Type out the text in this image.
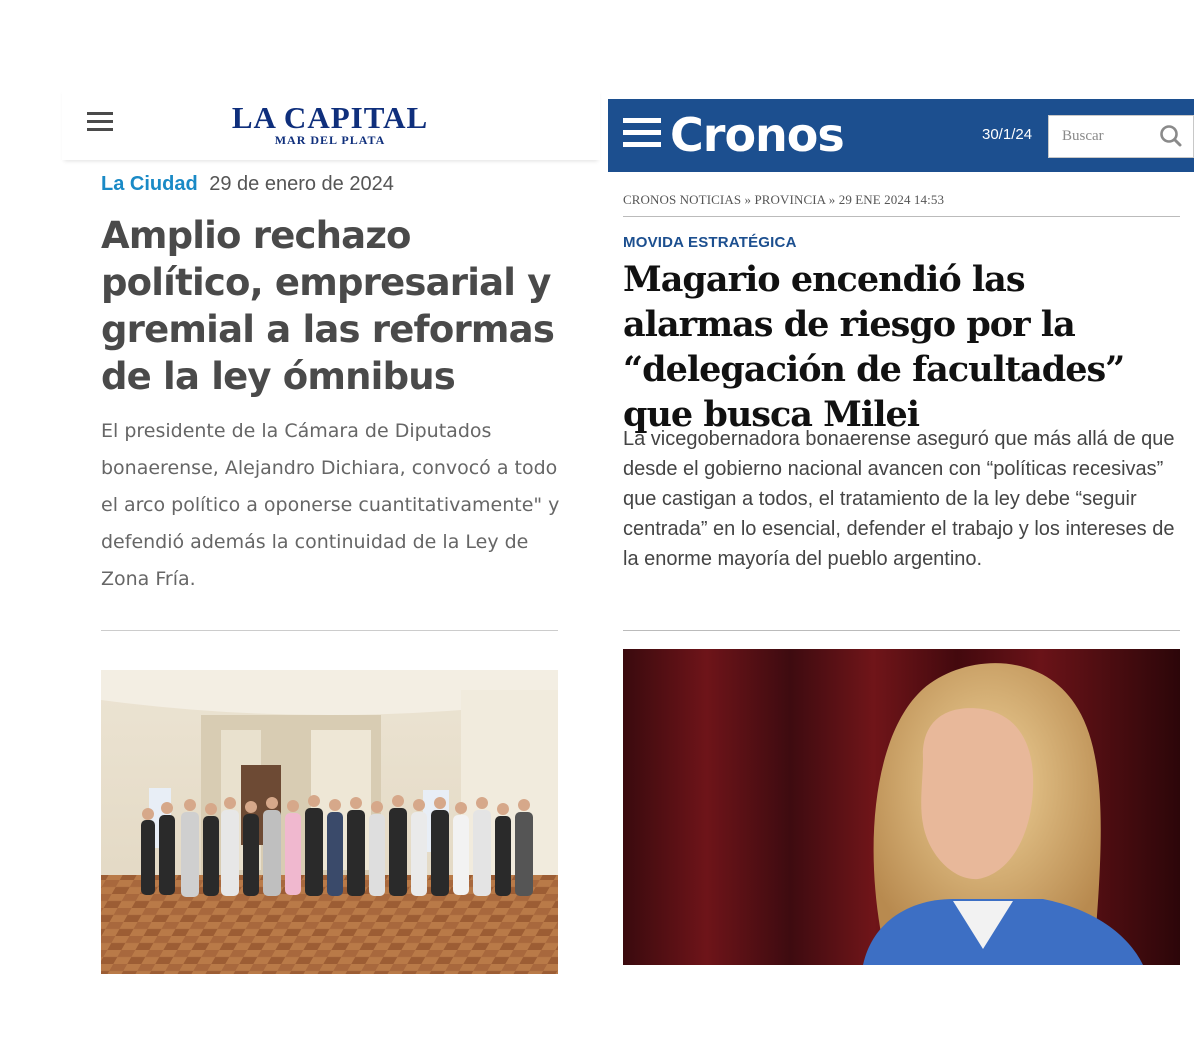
LA CAPITAL
MAR DEL PLATA
La Ciudad 29 de enero de 2024
Amplio rechazo político, empresarial y gremial a las reformas de la ley ómnibus

El presidente de la Cámara de Diputados bonaerense, Alejandro Dichiara, convocó a todo el arco político a oponerse cuantitativamente" y defendió además la continuidad de la Ley de Zona Fría.

Cronos	30/1/24
Buscar
CRONOS NOTICIAS » PROVINCIA » 29 ENE 2024 14:53
MOVIDA ESTRATÉGICA
Magario encendió las alarmas de riesgo por la “delegación de facultades” que busca Milei

La vicegobernadora bonaerense aseguró que más allá de que desde el gobierno nacional avancen con “políticas recesivas” que castigan a todos, el tratamiento de la ley debe “seguir centrada” en lo esencial, defender el trabajo y los intereses de la enorme mayoría del pueblo argentino.
